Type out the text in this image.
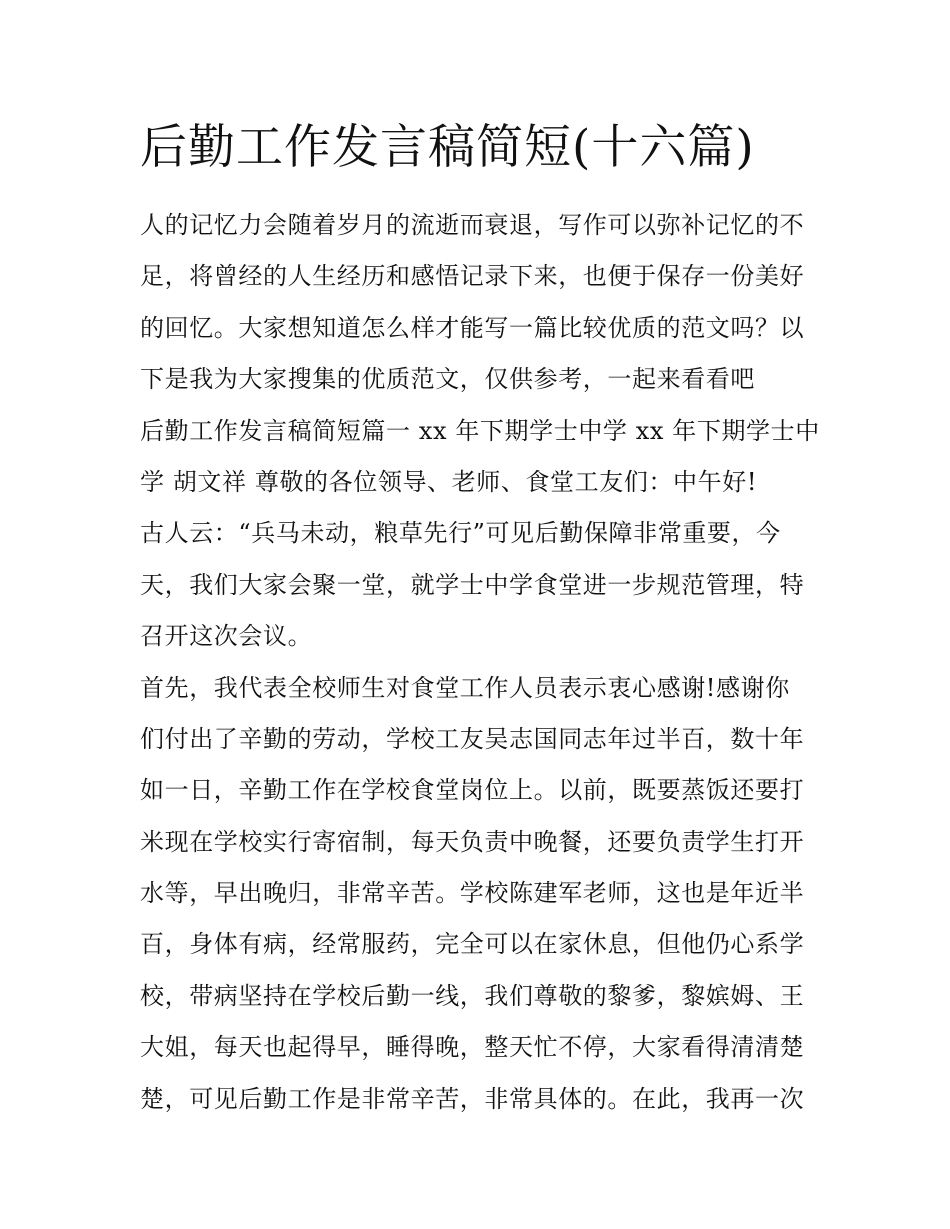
后勤工作发言稿简短(十六篇)
人的记忆力会随着岁月的流逝而衰退，写作可以弥补记忆的不
足，将曾经的人生经历和感悟记录下来，也便于保存一份美好
的回忆。大家想知道怎么样才能写一篇比较优质的范文吗？以
下是我为大家搜集的优质范文，仅供参考，一起来看看吧
后勤工作发言稿简短篇一 xx 年下期学士中学 xx 年下期学士中
学 胡文祥 尊敬的各位领导、老师、食堂工友们：中午好!
古人云：“兵马未动，粮草先行”可见后勤保障非常重要，今
天，我们大家会聚一堂，就学士中学食堂进一步规范管理，特
召开这次会议。
首先，我代表全校师生对食堂工作人员表示衷心感谢!感谢你
们付出了辛勤的劳动，学校工友吴志国同志年过半百，数十年
如一日，辛勤工作在学校食堂岗位上。以前，既要蒸饭还要打
米现在学校实行寄宿制，每天负责中晚餐，还要负责学生打开
水等，早出晚归，非常辛苦。学校陈建军老师，这也是年近半
百，身体有病，经常服药，完全可以在家休息，但他仍心系学
校，带病坚持在学校后勤一线，我们尊敬的黎爹，黎嫔姆、王
大姐，每天也起得早，睡得晚，整天忙不停，大家看得清清楚
楚，可见后勤工作是非常辛苦，非常具体的。在此，我再一次
